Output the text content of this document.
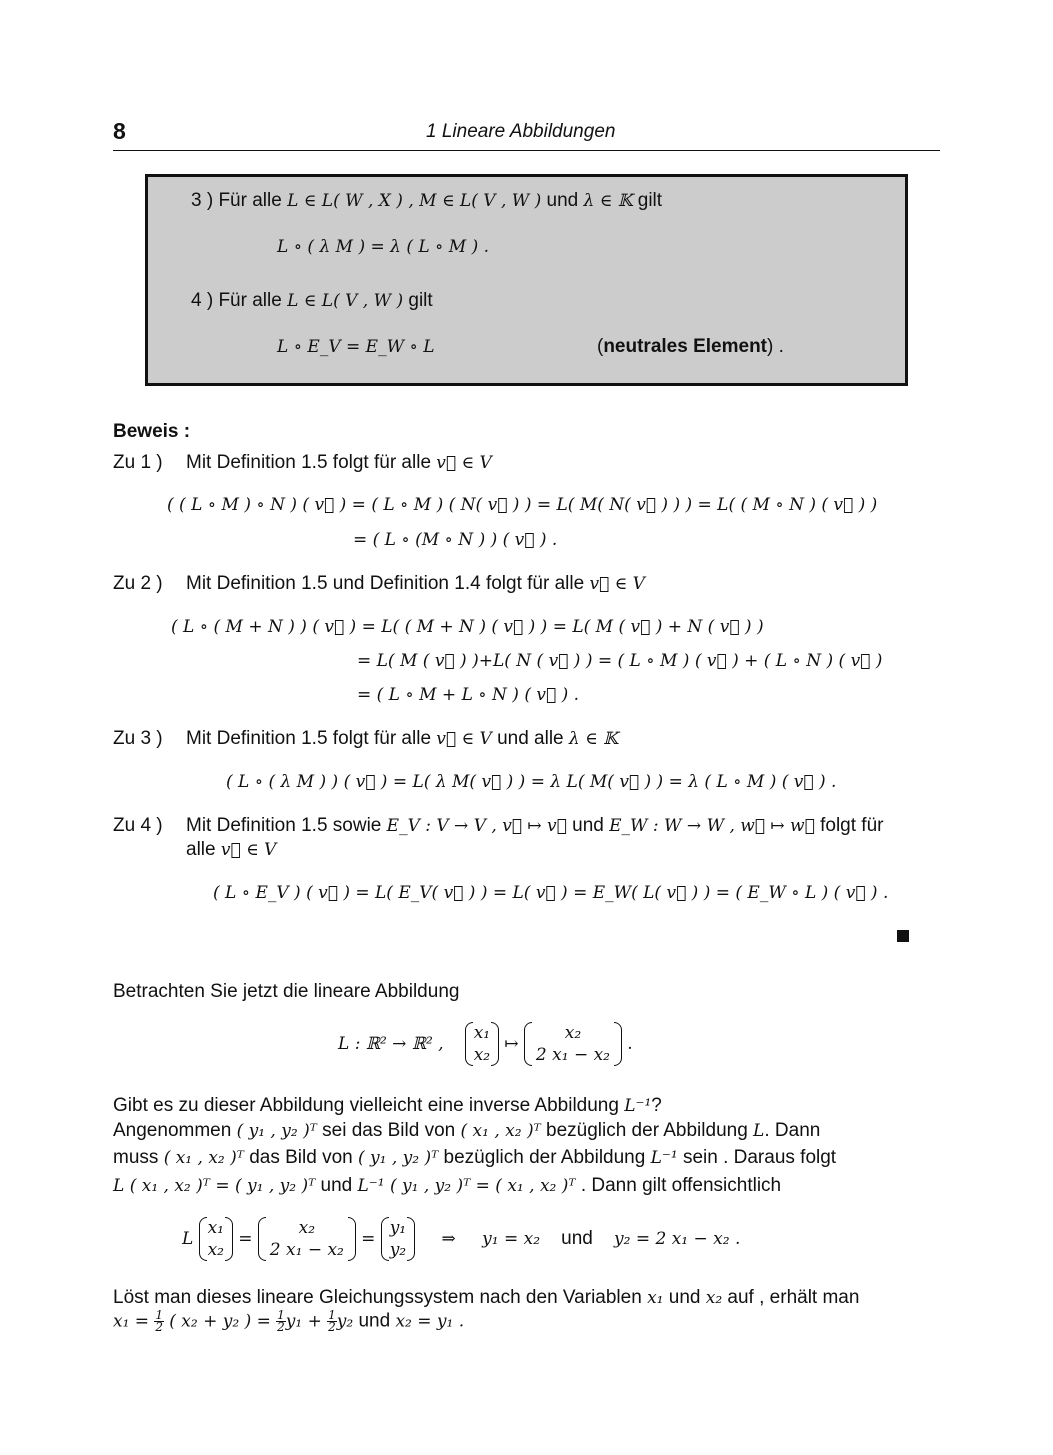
8	1 Lineare Abbildungen
3 ) Für alle L ∈ L( W , X ) , M ∈ L( V , W ) und λ ∈ 𝕂 gilt
L ∘ ( λ M ) = λ ( L ∘ M ) .
4 ) Für alle L ∈ L( V , W ) gilt
L ∘ E_V = E_W ∘ L	(neutrales Element) .
Beweis :
Zu 1 ) Mit Definition 1.5 folgt für alle v⃗ ∈ V
( ( L ∘ M ) ∘ N ) ( v⃗ ) = ( L ∘ M ) ( N( v⃗ ) ) = L( M( N( v⃗ ) ) ) = L( ( M ∘ N ) ( v⃗ ) )
= ( L ∘ (M ∘ N ) ) ( v⃗ ) .
Zu 2 ) Mit Definition 1.5 und Definition 1.4 folgt für alle v⃗ ∈ V
( L ∘ ( M + N ) ) ( v⃗ ) = L( ( M + N ) ( v⃗ ) ) = L( M ( v⃗ ) + N ( v⃗ ) )
= L( M ( v⃗ ) )+L( N ( v⃗ ) ) = ( L ∘ M ) ( v⃗ ) + ( L ∘ N ) ( v⃗ )
= ( L ∘ M + L ∘ N ) ( v⃗ ) .
Zu 3 ) Mit Definition 1.5 folgt für alle v⃗ ∈ V und alle λ ∈ 𝕂
( L ∘ ( λ M ) ) ( v⃗ ) = L( λ M( v⃗ ) ) = λ L( M( v⃗ ) ) = λ ( L ∘ M ) ( v⃗ ) .
Zu 4 ) Mit Definition 1.5 sowie E_V : V → V , v⃗ ↦ v⃗ und E_W : W → W , w⃗ ↦ w⃗ folgt für
alle v⃗ ∈ V
( L ∘ E_V ) ( v⃗ ) = L( E_V( v⃗ ) ) = L( v⃗ ) = E_W( L( v⃗ ) ) = ( E_W ∘ L ) ( v⃗ ) .
Betrachten Sie jetzt die lineare Abbildung
L : ℝ² → ℝ² ,
x₁
x₂
↦
x₂
2 x₁ − x₂
.
Gibt es zu dieser Abbildung vielleicht eine inverse Abbildung L⁻¹?
Angenommen ( y₁ , y₂ )ᵀ sei das Bild von ( x₁ , x₂ )ᵀ bezüglich der Abbildung L. Dann
muss ( x₁ , x₂ )ᵀ das Bild von ( y₁ , y₂ )ᵀ bezüglich der Abbildung L⁻¹ sein . Daraus folgt
L ( x₁ , x₂ )ᵀ = ( y₁ , y₂ )ᵀ und L⁻¹ ( y₁ , y₂ )ᵀ = ( x₁ , x₂ )ᵀ . Dann gilt offensichtlich
L
x₁
x₂
=
x₂
2 x₁ − x₂
=
y₁
y₂
⇒ y₁ = x₂ und y₂ = 2 x₁ − x₂ .
Löst man dieses lineare Gleichungssystem nach den Variablen x₁ und x₂ auf , erhält man
$x_1 = \frac{1}{2}$ ( x₂ + y₂ ) = $\frac{1}{2} y_1 + \frac{1}{2} y_2$ und x₂ = y₁ .
